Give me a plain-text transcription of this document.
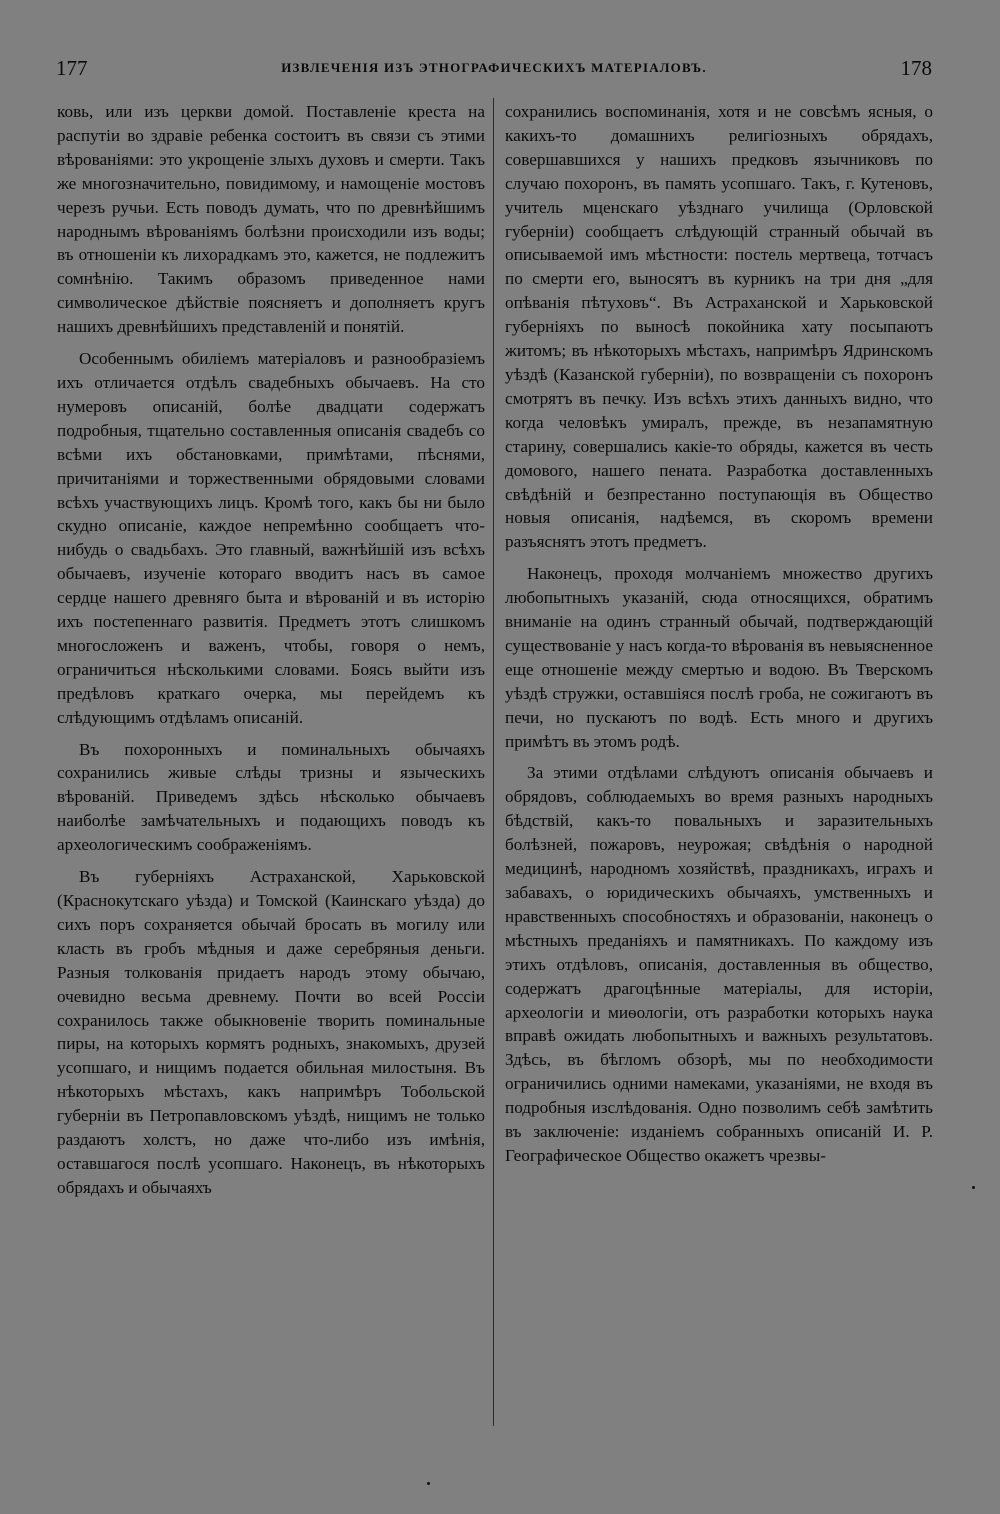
177	ИЗВЛЕЧЕНІЯ ИЗЪ ЭТНОГРАФИЧЕСКИХЪ МАТЕРІАЛОВЪ.	178

ковь, или изъ церкви домой. Поставленіе креста на распутіи во здравіе ребенка состоитъ въ связи съ этими вѣрованіями: это укрощеніе злыхъ духовъ и смерти. Такъ же многозначительно, повидимому, и намощеніе мостовъ черезъ ручьи. Есть поводъ думать, что по древнѣйшимъ народнымъ вѣрованіямъ болѣзни происходили изъ воды; въ отношеніи къ лихорадкамъ это, кажется, не подлежитъ сомнѣнію. Такимъ образомъ приведенное нами символическое дѣйствіе поясняетъ и дополняетъ кругъ нашихъ древнѣйшихъ представленій и понятій.

Особеннымъ обиліемъ матеріаловъ и разнообразіемъ ихъ отличается отдѣлъ свадебныхъ обычаевъ. На сто нумеровъ описаній, болѣе двадцати содержатъ подробныя, тщательно составленныя описанія свадебъ со всѣми ихъ обстановками, примѣтами, пѣснями, причитаніями и торжественными обрядовыми словами всѣхъ участвующихъ лицъ. Кромѣ того, какъ бы ни было скудно описаніе, каждое непремѣнно сообщаетъ что-нибудь о свадьбахъ. Это главный, важнѣйшій изъ всѣхъ обычаевъ, изученіе котораго вводитъ насъ въ самое сердце нашего древняго быта и вѣрованій и въ исторію ихъ постепеннаго развитія. Предметъ этотъ слишкомъ многосложенъ и важенъ, чтобы, говоря о немъ, ограничиться нѣсколькими словами. Боясь выйти изъ предѣловъ краткаго очерка, мы перейдемъ къ слѣдующимъ отдѣламъ описаній.

Въ похоронныхъ и поминальныхъ обычаяхъ сохранились живые слѣды тризны и языческихъ вѣрованій. Приведемъ здѣсь нѣсколько обычаевъ наиболѣе замѣчательныхъ и подающихъ поводъ къ археологическимъ соображеніямъ.

Въ губерніяхъ Астраханской, Харьковской (Краснокутскаго уѣзда) и Томской (Каинскаго уѣзда) до сихъ поръ сохраняется обычай бросать въ могилу или класть въ гробъ мѣдныя и даже серебряныя деньги. Разныя толкованія придаетъ народъ этому обычаю, очевидно весьма древнему. Почти во всей Россіи сохранилось также обыкновеніе творить поминальные пиры, на которыхъ кормятъ родныхъ, знакомыхъ, друзей усопшаго, и нищимъ подается обильная милостыня. Въ нѣкоторыхъ мѣстахъ, какъ напримѣръ Тобольской губерніи въ Петропавловскомъ уѣздѣ, нищимъ не только раздаютъ холстъ, но даже что-либо изъ имѣнія, оставшагося послѣ усопшаго. Наконецъ, въ нѣкоторыхъ обрядахъ и обычаяхъ

сохранились воспоминанія, хотя и не совсѣмъ ясныя, о какихъ-то домашнихъ религіозныхъ обрядахъ, совершавшихся у нашихъ предковъ язычниковъ по случаю похоронъ, въ память усопшаго. Такъ, г. Кутеновъ, учитель мценскаго уѣзднаго училища (Орловской губерніи) сообщаетъ слѣдующій странный обычай въ описываемой имъ мѣстности: постель мертвеца, тотчасъ по смерти его, выносятъ въ курникъ на три дня „для опѣванія пѣтуховъ“. Въ Астраханской и Харьковской губерніяхъ по выносѣ покойника хату посыпаютъ житомъ; въ нѣкоторыхъ мѣстахъ, напримѣръ Ядринскомъ уѣздѣ (Казанской губерніи), по возвращеніи съ похоронъ смотрятъ въ печку. Изъ всѣхъ этихъ данныхъ видно, что когда человѣкъ умиралъ, прежде, въ незапамятную старину, совершались какіе-то обряды, кажется въ честь домового, нашего пената. Разработка доставленныхъ свѣдѣній и безпрестанно поступающія въ Общество новыя описанія, надѣемся, въ скоромъ времени разъяснятъ этотъ предметъ.

Наконецъ, проходя молчаніемъ множество другихъ любопытныхъ указаній, сюда относящихся, обратимъ вниманіе на одинъ странный обычай, подтверждающій существованіе у насъ когда-то вѣрованія въ невыясненное еще отношеніе между смертью и водою. Въ Тверскомъ уѣздѣ стружки, оставшіяся послѣ гроба, не сожигаютъ въ печи, но пускаютъ по водѣ. Есть много и другихъ примѣтъ въ этомъ родѣ.

За этими отдѣлами слѣдуютъ описанія обычаевъ и обрядовъ, соблюдаемыхъ во время разныхъ народныхъ бѣдствій, какъ-то повальныхъ и заразительныхъ болѣзней, пожаровъ, неурожая; свѣдѣнія о народной медицинѣ, народномъ хозяйствѣ, праздникахъ, играхъ и забавахъ, о юридическихъ обычаяхъ, умственныхъ и нравственныхъ способностяхъ и образованіи, наконецъ о мѣстныхъ преданіяхъ и памятникахъ. По каждому изъ этихъ отдѣловъ, описанія, доставленныя въ общество, содержатъ драгоцѣнные матеріалы, для исторіи, археологіи и миѳологіи, отъ разработки которыхъ наука вправѣ ожидать любопытныхъ и важныхъ результатовъ. Здѣсь, въ бѣгломъ обзорѣ, мы по необходимости ограничились одними намеками, указаніями, не входя въ подробныя изслѣдованія. Одно позволимъ себѣ замѣтить въ заключеніе: изданіемъ собранныхъ описаній И. Р. Географическое Общество окажетъ чрезвы-
